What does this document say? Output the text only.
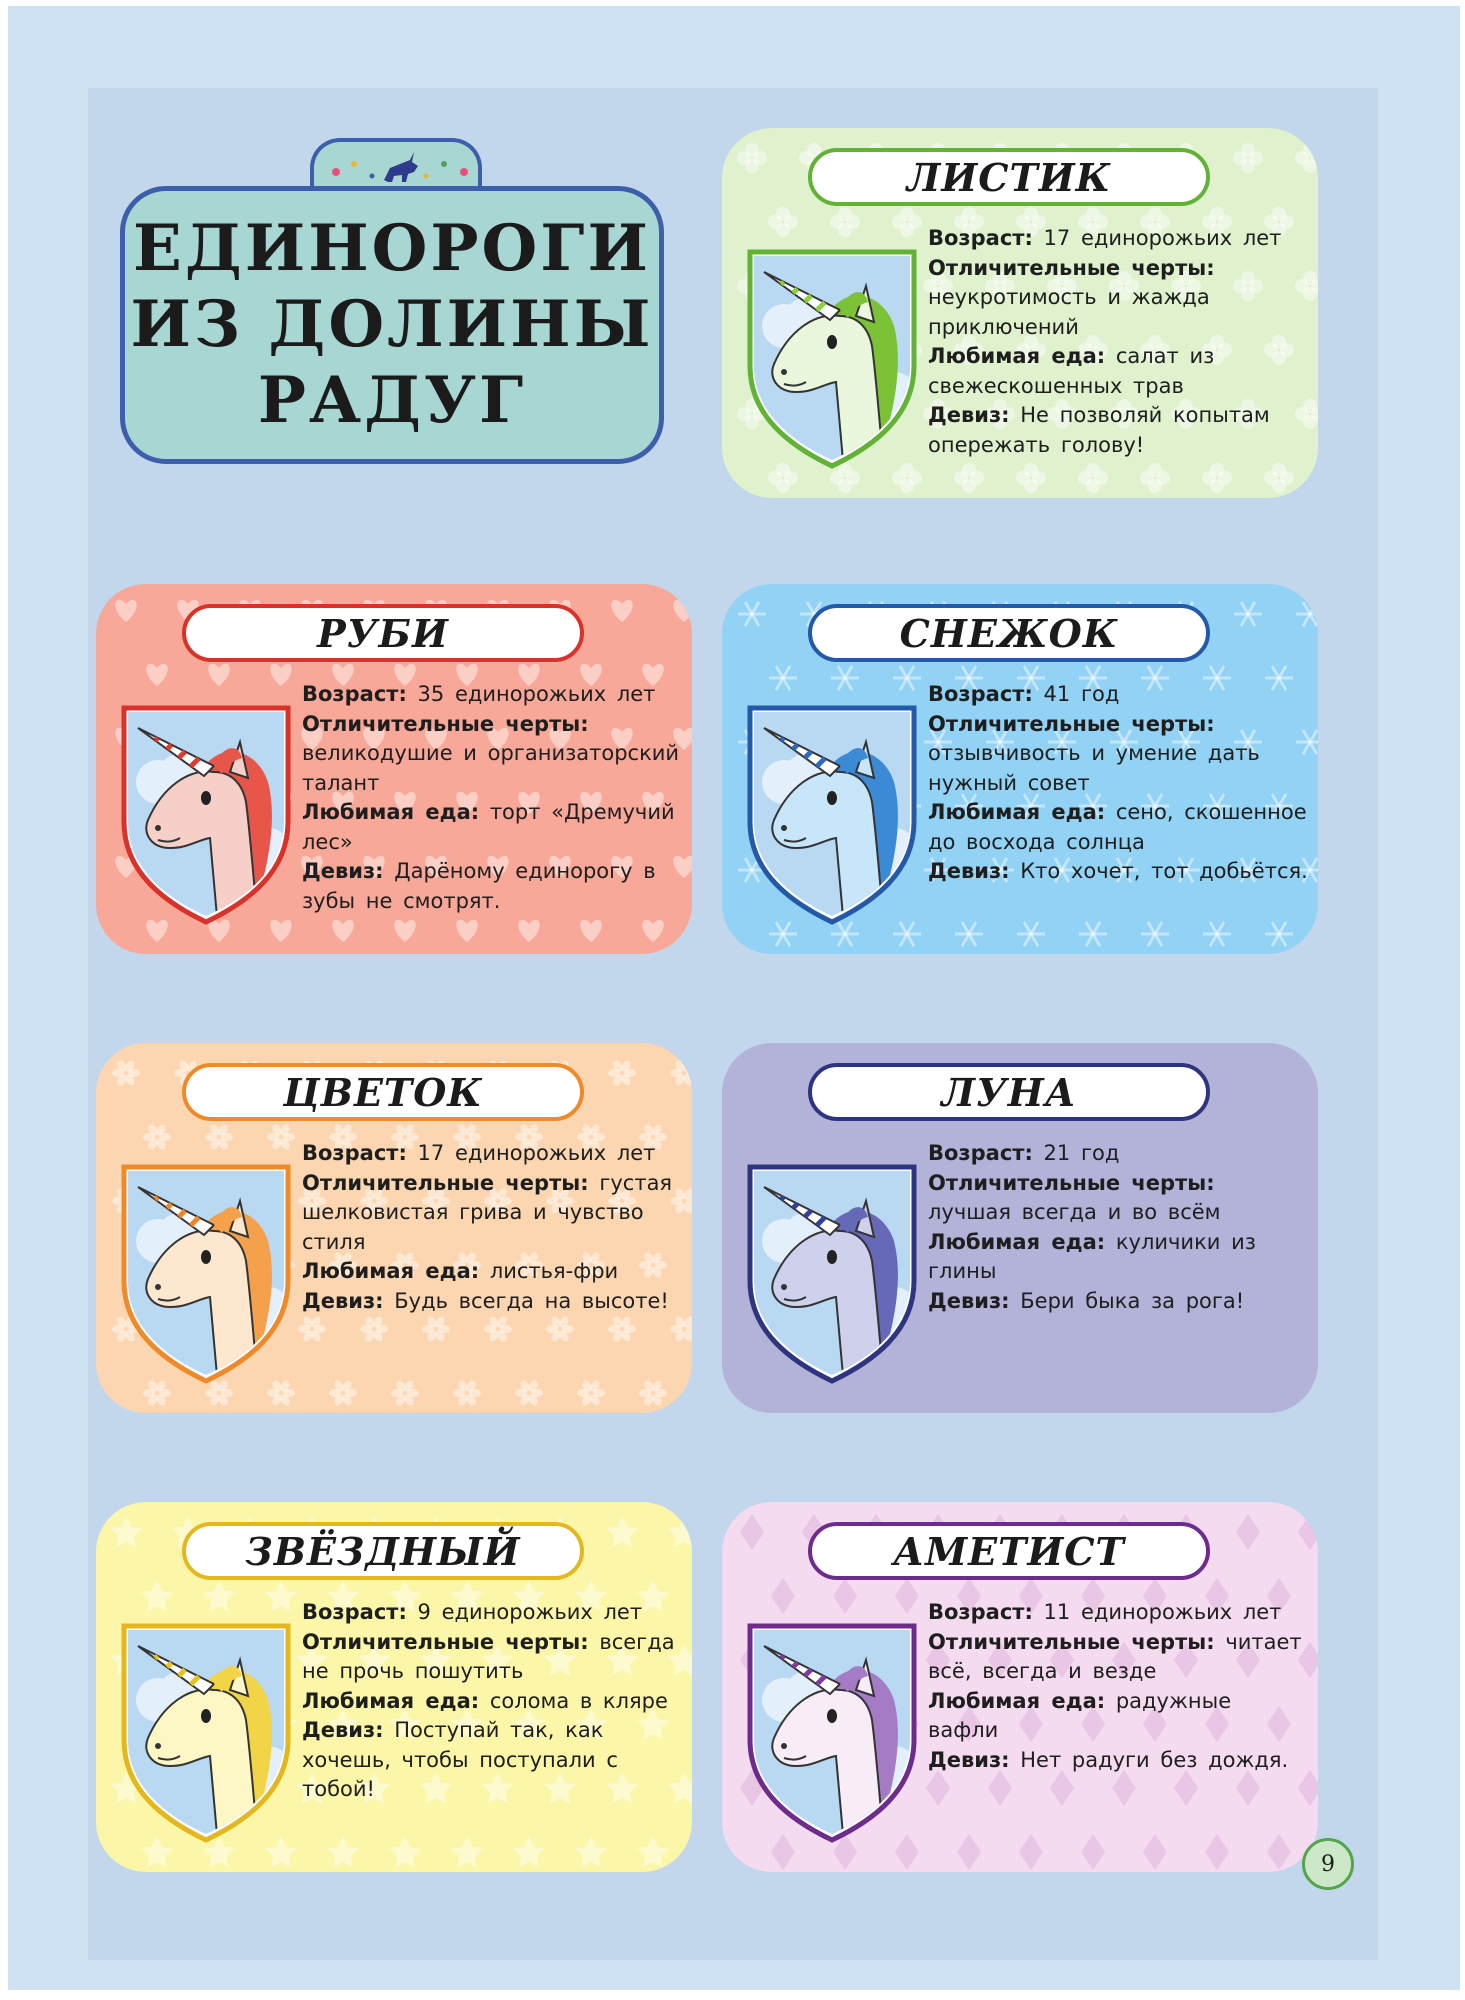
ЕДИНОРОГИ
ИЗ ДОЛИНЫ
РАДУГ
ЛИСТИК
Возраст: 17 единорожьих лет
Отличительные черты: неукротимость и жажда приключений
Любимая еда: салат из свежескошенных трав
Девиз: Не позволяй копытам опережать голову!
РУБИ
Возраст: 35 единорожьих лет
Отличительные черты: великодушие и организаторский талант
Любимая еда: торт «Дремучий лес»
Девиз: Дарёному единорогу в зубы не смотрят.
СНЕЖОК
Возраст: 41 год
Отличительные черты: отзывчивость и умение дать нужный совет
Любимая еда: сено, скошенное до восхода солнца
Девиз: Кто хочет, тот добьётся.
ЦВЕТОК
Возраст: 17 единорожьих лет
Отличительные черты: густая шелковистая грива и чувство стиля
Любимая еда: листья-фри
Девиз: Будь всегда на высоте!
ЛУНА
Возраст: 21 год
Отличительные черты: лучшая всегда и во всём
Любимая еда: куличики из глины
Девиз: Бери быка за рога!
ЗВЁЗДНЫЙ
Возраст: 9 единорожьих лет
Отличительные черты: всегда не прочь пошутить
Любимая еда: солома в кляре
Девиз: Поступай так, как хочешь, чтобы поступали с тобой!
АМЕТИСТ
Возраст: 11 единорожьих лет
Отличительные черты: читает всё, всегда и везде
Любимая еда: радужные вафли
Девиз: Нет радуги без дождя.
9
